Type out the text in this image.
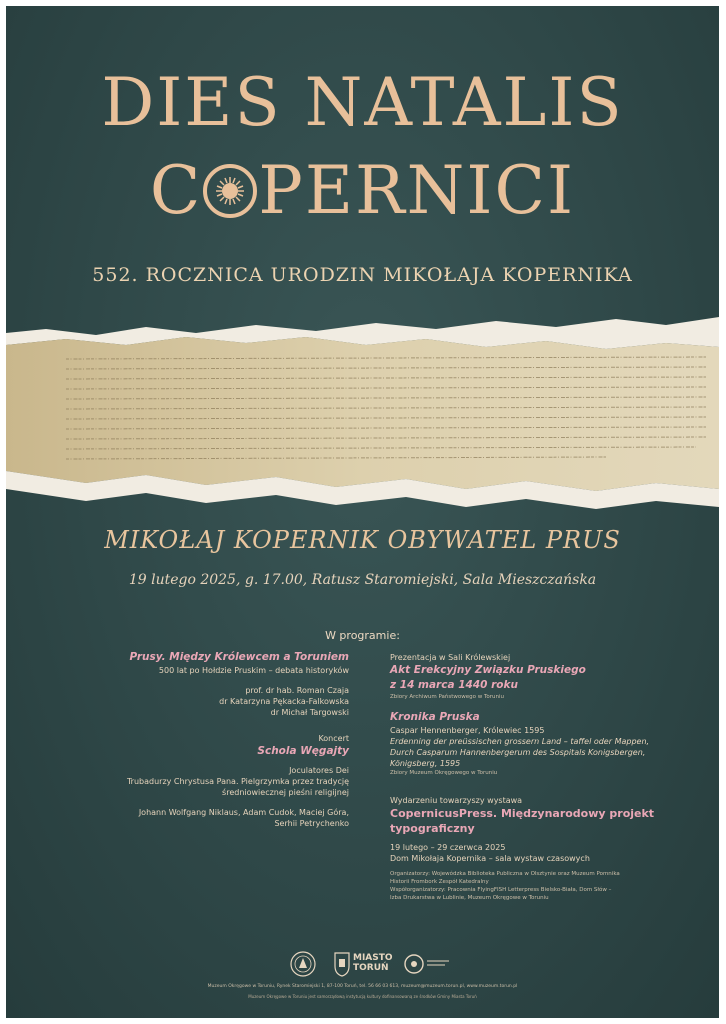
DIES NATALIS
C PERNICI
552. ROCZNICA URODZIN MIKOŁAJA KOPERNIKA
MIKOŁAJ KOPERNIK OBYWATEL PRUS
19 lutego 2025, g. 17.00, Ratusz Staromiejski, Sala Mieszczańska
W programie:
Prusy. Między Królewcem a Toruniem
500 lat po Hołdzie Pruskim – debata historyków
prof. dr hab. Roman Czaja
dr Katarzyna Pękacka-Falkowska
dr Michał Targowski
Koncert
Schola Węgajty
Joculatores Dei
Trubadurzy Chrystusa Pana. Pielgrzymka przez tradycję
średniowiecznej pieśni religijnej
Johann Wolfgang Niklaus, Adam Cudok, Maciej Góra,
Serhii Petrychenko
Prezentacja w Sali Królewskiej
Akt Erekcyjny Związku Pruskiego
z 14 marca 1440 roku
Zbiory Archiwum Państwowego w Toruniu
Kronika Pruska
Caspar Hennenberger, Królewiec 1595
Erdenning der preüssischen grossern Land – taffel oder Mappen,
Durch Casparum Hannenbergerum des Sospitals Konigsbergen,
Königsberg, 1595
Zbiory Muzeum Okręgowego w Toruniu
Wydarzeniu towarzyszy wystawa
CopernicusPress. Międzynarodowy projekt
typograficzny
19 lutego – 29 czerwca 2025
Dom Mikołaja Kopernika – sala wystaw czasowych
Organizatorzy: Wojewódzka Biblioteka Publiczna w Olsztynie oraz Muzeum Pomnika
Historii Frombork Zespół Katedralny
Współorganizatorzy: Pracownia FlyingFISH Letterpress Bielsko-Biała, Dom Słów –
Izba Drukarstwa w Lublinie, Muzeum Okręgowe w Toruniu
MIASTO
TORUŃ
Muzeum Okręgowe w Toruniu, Rynek Staromiejski 1, 87-100 Toruń, tel. 56 66 03 613, muzeum@muzeum.torun.pl, www.muzeum.torun.pl
Muzeum Okręgowe w Toruniu jest samorządową instytucją kultury dofinansowaną ze środków Gminy Miasta Toruń
